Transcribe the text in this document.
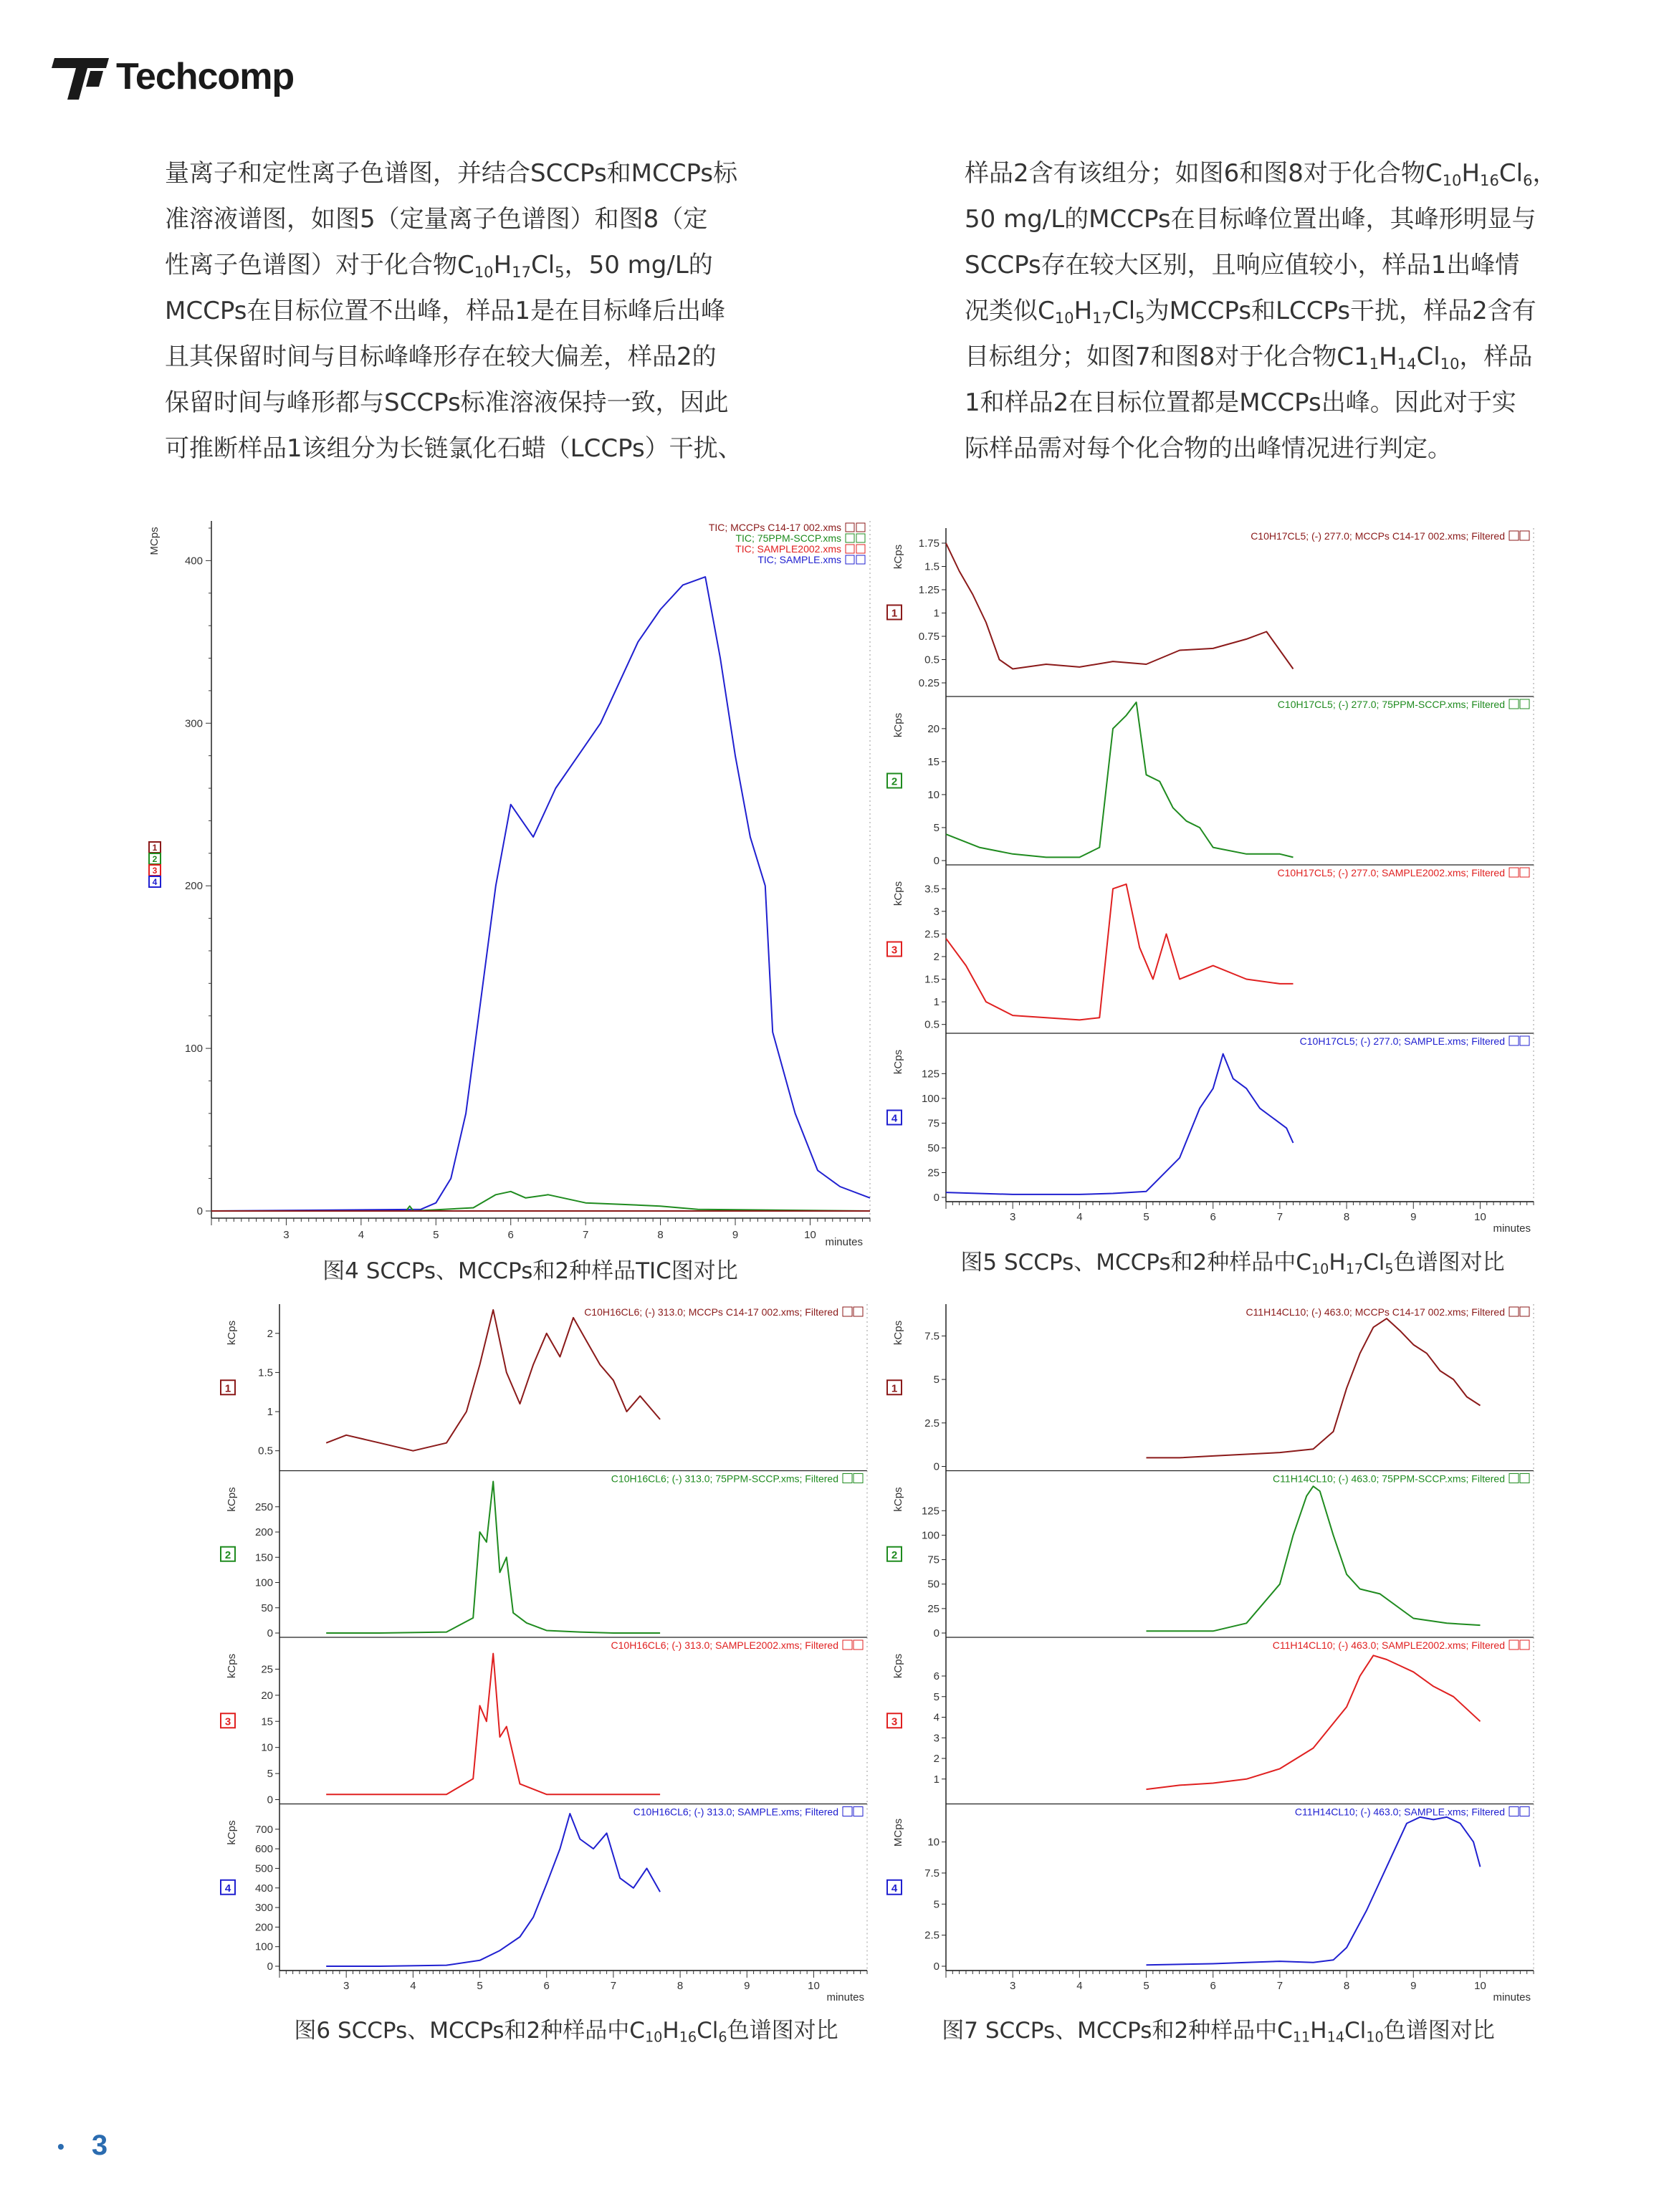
Techcomp

量离子和定性离子色谱图，并结合SCCPs和MCCPs标

准溶液谱图，如图5（定量离子色谱图）和图8（定

性离子色谱图）对于化合物$C_{10}H_{17}Cl_5$，50 mg/L的

MCCPs在目标位置不出峰，样品1是在目标峰后出峰

且其保留时间与目标峰峰形存在较大偏差，样品2的

保留时间与峰形都与SCCPs标准溶液保持一致，因此

可推断样品1该组分为长链氯化石蜡（LCCPs）干扰、

样品2含有该组分；如图6和图8对于化合物$C_{10}H_{16}Cl_6$，

50 mg/L的MCCPs在目标峰位置出峰，其峰形明显与

SCCPs存在较大区别，且响应值较小，样品1出峰情

况类似$C_{10}H_{17}Cl_5$为MCCPs和LCCPs干扰，样品2含有

目标组分；如图7和图8对于化合物$C1_1H_{14}Cl_{10}$，样品

1和样品2在目标位置都是MCCPs出峰。因此对于实

际样品需对每个化合物的出峰情况进行判定。

0
100
200
300
400
MCps
3	4	5	6	7	8	9	10
minutes
1
2
3
4
TIC; MCCPs C14-17 002.xms
TIC; 75PPM-SCCP.xms
TIC; SAMPLE2002.xms
TIC; SAMPLE.xms
0.25
0.5
0.75
1
1.25
1.5
1.75
kCps
1
C10H17CL5; (-) 277.0; MCCPs C14-17 002.xms; Filtered
0
5
10
15
20
kCps
2
C10H17CL5; (-) 277.0; 75PPM-SCCP.xms; Filtered
0.5
1
1.5
2
2.5
3
3.5
kCps
3
C10H17CL5; (-) 277.0; SAMPLE2002.xms; Filtered
0
25
50
75
100
125
kCps
4
C10H17CL5; (-) 277.0; SAMPLE.xms; Filtered
3	4	5	6	7	8	9	10
minutes
0.5
1
1.5
2
kCps
1
C10H16CL6; (-) 313.0; MCCPs C14-17 002.xms; Filtered
0
50
100
150
200
250
kCps
2
C10H16CL6; (-) 313.0; 75PPM-SCCP.xms; Filtered
0
5
10
15
20
25
kCps
3
C10H16CL6; (-) 313.0; SAMPLE2002.xms; Filtered
0
100
200
300
400
500
600
700
kCps
4
C10H16CL6; (-) 313.0; SAMPLE.xms; Filtered
3	4	5	6	7	8	9	10
minutes
0
2.5
5
7.5
kCps
1
C11H14CL10; (-) 463.0; MCCPs C14-17 002.xms; Filtered
0
25
50
75
100
125
kCps
2
C11H14CL10; (-) 463.0; 75PPM-SCCP.xms; Filtered
1
2
3
4
5
6
kCps
3
C11H14CL10; (-) 463.0; SAMPLE2002.xms; Filtered
0
2.5
5
7.5
10
MCps
4
C11H14CL10; (-) 463.0; SAMPLE.xms; Filtered
3	4	5	6	7	8	9	10
minutes
图4 SCCPs、MCCPs和2种样品TIC图对比	图5 SCCPs、MCCPs和2种样品中$C_{10}H_{17}Cl_5$色谱图对比
图6 SCCPs、MCCPs和2种样品中$C_{10}H_{16}Cl_6$色谱图对比	图7 SCCPs、MCCPs和2种样品中$C_{11}H_{14}Cl_{10}$色谱图对比
• 3
